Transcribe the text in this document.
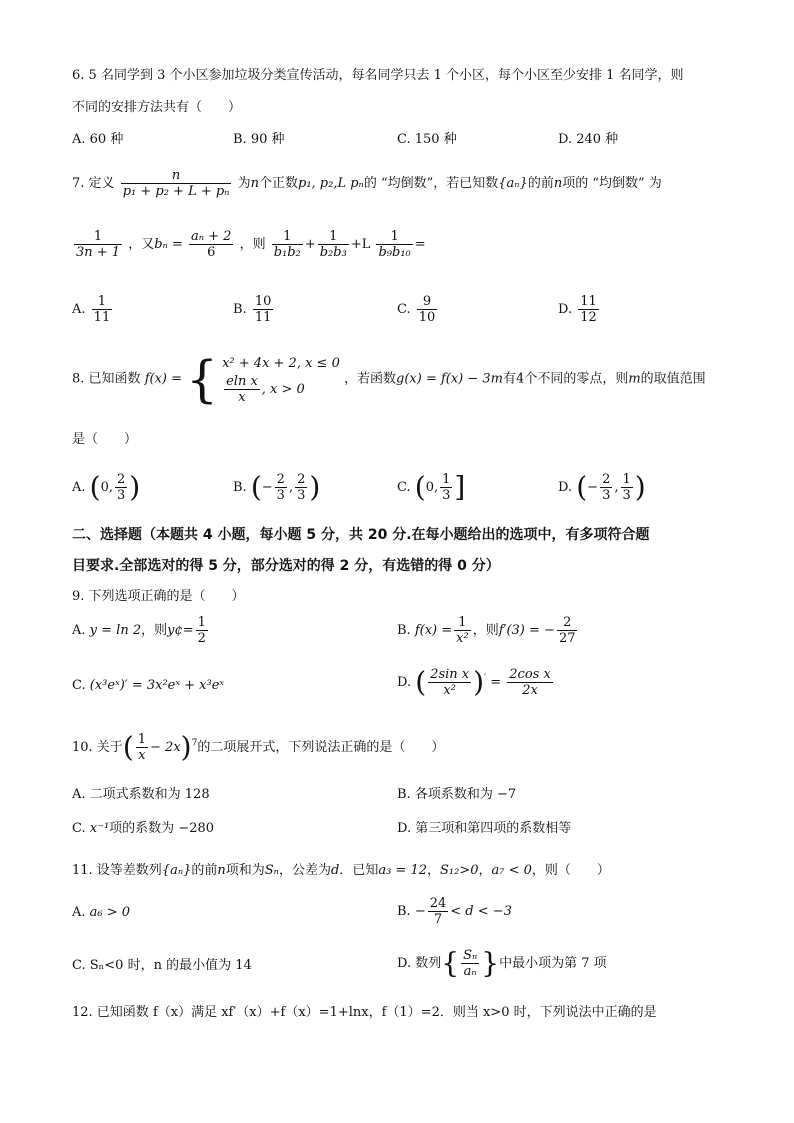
6. 5 名同学到 3 个小区参加垃圾分类宣传活动，每名同学只去 1 个小区，每个小区至少安排 1 名同学，则
不同的安排方法共有（　　）
A. 60 种	B. 90 种	C. 150 种	D. 240 种
7. 定义 $\frac{n}{\text{p₁ + p₂ + L + pₙ}}$ 为n个正数p₁, p₂,L pₙ的 “均倒数”，若已知数{aₙ}的前n项的 “均倒数” 为
$\frac{1}{3n + 1}$ ，又$b_n = \frac{\text{aₙ + 2}}{6}$ ，则 $\frac{1}{\text{b₁b₂}} + \frac{1}{\text{b₂b₃}} +L \frac{1}{\text{b₉b₁₀}}$ =
A. $\frac{1}{11}$	B. $\frac{10}{11}$	C. $\frac{9}{10}$	D. $\frac{11}{12}$
8. 已知函数 f(x) = { x² + 4x + 2, x ≤ 0
$\frac{\text{eln x}}{x}$ , x > 0
，若函数g(x) = f(x) − 3m有4个不同的零点，则m的取值范围
是（　　）
A. (0, $\frac{2}{3}$ )	B. (− $\frac{2}{3}$ , $\frac{2}{3}$ )	C. (0, $\frac{1}{3}$ ]	D. (− $\frac{2}{3}$ , $\frac{1}{3}$ )
二、选择题（本题共 4 小题，每小题 5 分，共 20 分.在每小题给出的选项中，有多项符合题
目要求.全部选对的得 5 分，部分选对的得 2 分，有选错的得 0 分）
9. 下列选项正确的是（　　）
A. y = ln 2，则y¢= $\frac{1}{2}$	B. $f(x) = \frac{1}{\text{x²}}$ ，则f′(3) = − $\frac{2}{27}$
C. (x³eˣ)′ = 3x²eˣ + x³eˣ	D. ( $\frac{\text{2sin x}}{\text{x²}} )' = \frac{\text{2cos x}}{2x}$
10. 关于( $\frac{1}{x} - 2x)^7$的二项展开式，下列说法正确的是（　　）
A. 二项式系数和为 128	B. 各项系数和为 −7
C. x⁻¹项的系数为 −280	D. 第三项和第四项的系数相等
11. 设等差数列{aₙ}的前n项和为Sₙ，公差为d．已知a₃ = 12，S₁₂>0，a₇ < 0，则（　　）
A. a₆ > 0	B. − $\frac{24}{7} < d < -3$
C. Sₙ<0 时，n 的最小值为 14	D. 数列{ $\frac{\text{Sₙ}}{\text{aₙ}}$ }中最小项为第 7 项
12. 已知函数 f（x）满足 xf′（x）+f（x）=1+lnx，f（1）=2．则当 x>0 时，下列说法中正确的是
